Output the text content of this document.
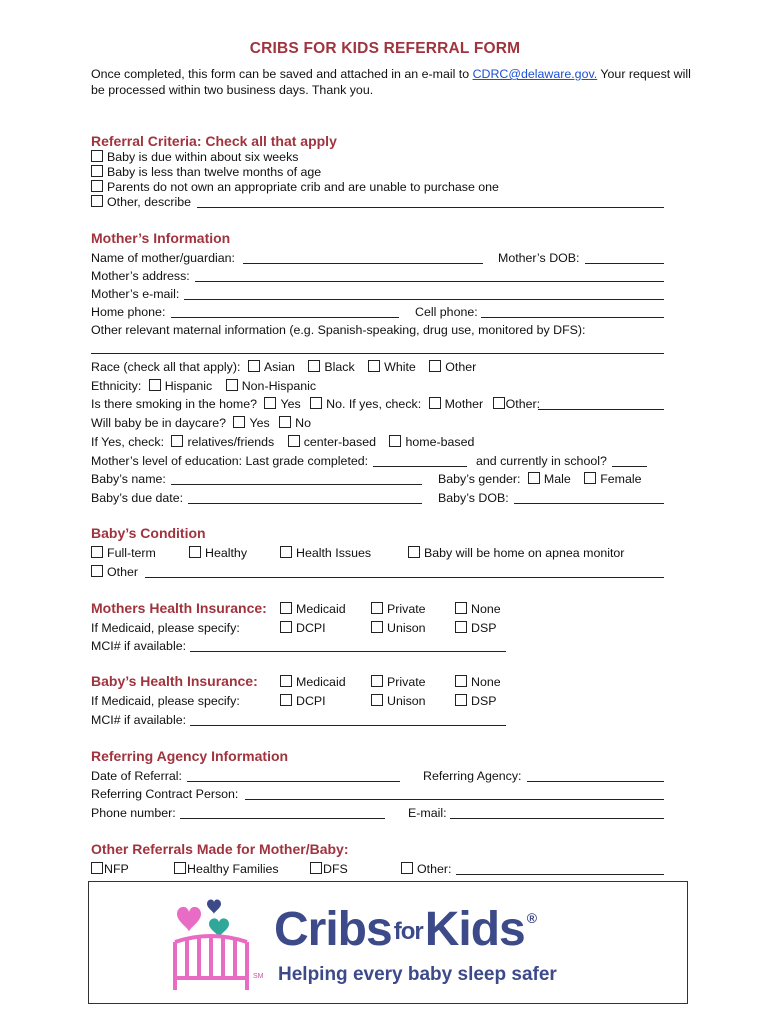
CRIBS FOR KIDS REFERRAL FORM
Once completed, this form can be saved and attached in an e-mail to CDRC@delaware.gov. Your request will be processed within two business days. Thank you.
Referral Criteria: Check all that apply
Baby is due within about six weeks
Baby is less than twelve months of age
Parents do not own an appropriate crib and are unable to purchase one
Other, describe
Mother’s Information
Name of mother/guardian:	Mother’s DOB:
Mother’s address:
Mother’s e-mail:
Home phone:	Cell phone:
Other relevant maternal information (e.g. Spanish-speaking, drug use, monitored by DFS):
Race (check all that apply): Asian Black White Other
Ethnicity: Hispanic Non-Hispanic
Is there smoking in the home? Yes No. If yes, check: Mother Other:
Will baby be in daycare? Yes No
If Yes, check: relatives/friends center-based home-based
Mother’s level of education: Last grade completed:	and currently in school?
Baby’s name:	Baby’s gender: Male Female
Baby’s due date:	Baby’s DOB:
Baby’s Condition
Full-term	Healthy	Health Issues	Baby will be home on apnea monitor
Other
Mothers Health Insurance:	Medicaid	Private	None
If Medicaid, please specify:	DCPI	Unison	DSP
MCI# if available:
Baby’s Health Insurance:	Medicaid	Private	None
If Medicaid, please specify:	DCPI	Unison	DSP
MCI# if available:
Referring Agency Information
Date of Referral:	Referring Agency:
Referring Contract Person:
Phone number:	E-mail:
Other Referrals Made for Mother/Baby:
NFP	Healthy Families	DFS	Other:
SM
CribsforKids ®
Helping every baby sleep safer
